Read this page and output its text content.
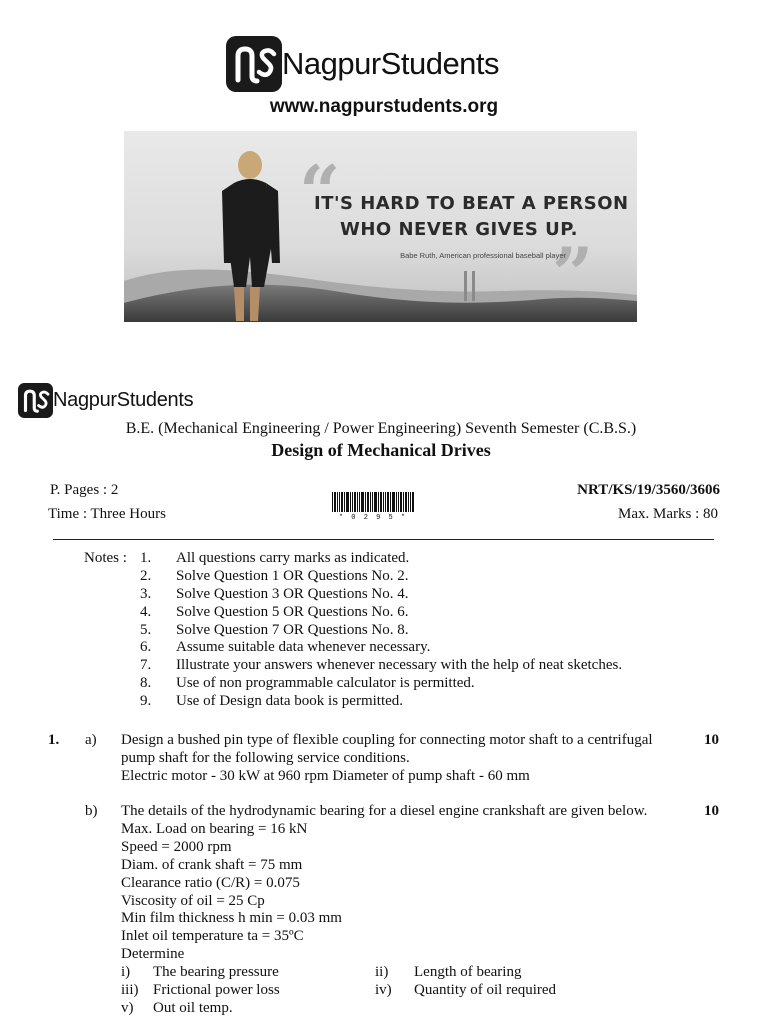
NagpurStudents
www.nagpurstudents.org
“
”
IT'S HARD TO BEAT A PERSON
WHO NEVER GIVES UP.
Babe Ruth, American professional baseball player
NagpurStudents
B.E. (Mechanical Engineering / Power Engineering) Seventh Semester (C.B.S.)
Design of Mechanical Drives
P. Pages : 2
Time : Three Hours
NRT/KS/19/3560/3606
Max. Marks : 80
* 0 2 9 5 *
Notes : 1. All questions carry marks as indicated.
2. Solve Question 1 OR Questions No. 2.
3. Solve Question 3 OR Questions No. 4.
4. Solve Question 5 OR Questions No. 6.
5. Solve Question 7 OR Questions No. 8.
6. Assume suitable data whenever necessary.
7. Illustrate your answers whenever necessary with the help of neat sketches.
8. Use of non programmable calculator is permitted.
9. Use of Design data book is permitted.
1. a) Design a bushed pin type of flexible coupling for connecting motor shaft to a centrifugal
pump shaft for the following service conditions.
Electric motor - 30 kW at 960 rpm Diameter of pump shaft - 60 mm
10
b) The details of the hydrodynamic bearing for a diesel engine crankshaft are given below.
Max. Load on bearing = 16 kN
Speed = 2000 rpm
Diam. of crank shaft = 75 mm
Clearance ratio (C/R) = 0.075
Viscosity of oil = 25 Cp
Min film thickness h min = 0.03 mm
Inlet oil temperature ta = 35ºC
Determine
10
i) The bearing pressure	ii) Length of bearing
iii) Frictional power loss	iv) Quantity of oil required
v) Out oil temp.
